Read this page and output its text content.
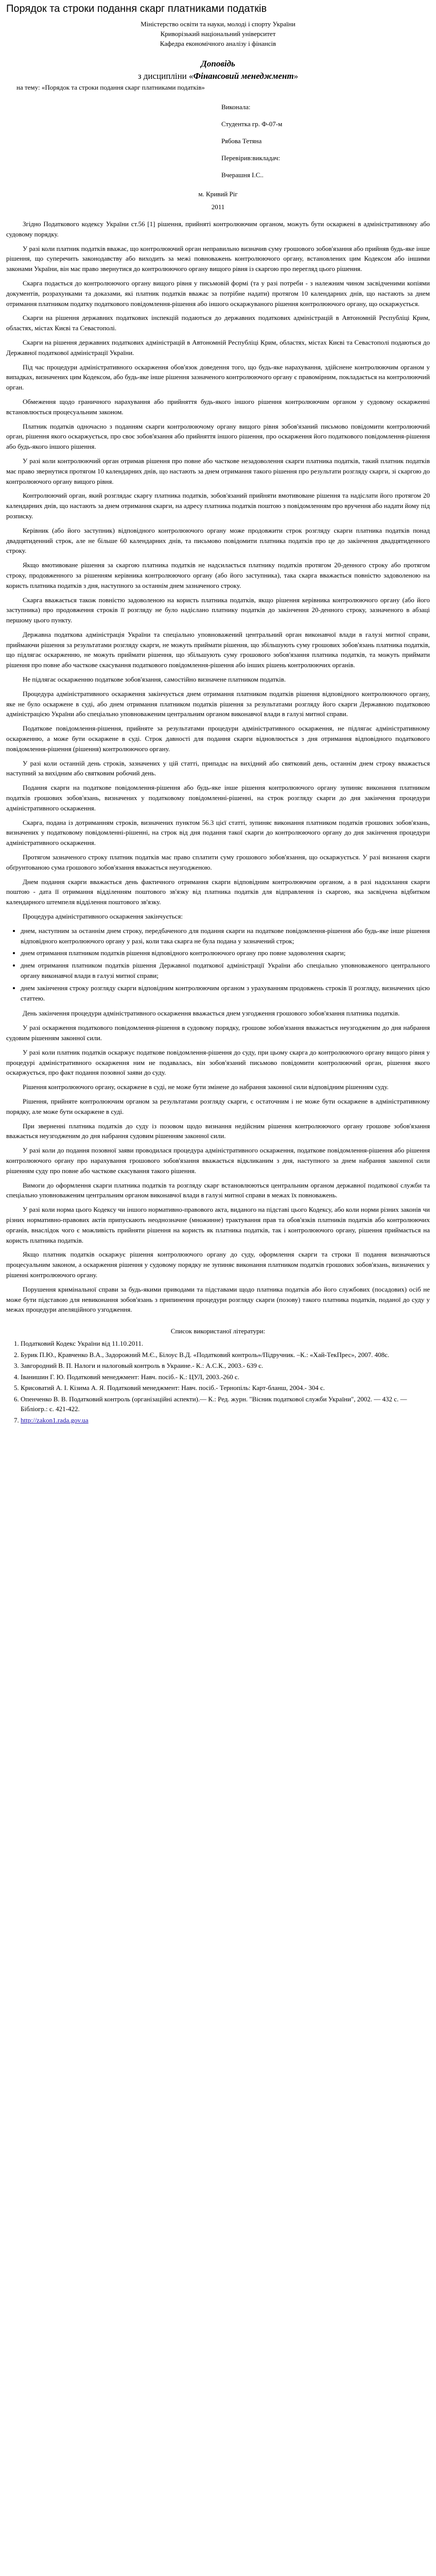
Порядок та строки подання скарг платниками податків

Міністерство освіти та науки, молоді і спорту України

Криворізький національний університет

Кафедра економічного аналізу і фінансів

Доповідь
з дисципліни «Фінансовий менеджмент»
на тему: «Порядок та строки подання скарг платниками податків»

Виконала:

Студентка гр. Ф-07-м

Рябова Тетяна

Перевірив:викладач:

Вчерашня І.С..

м. Кривий Ріг

2011

Згідно Податкового кодексу України ст.56 [1] рішення, прийняті контролюючим органом, можуть бути оскаржені в адміністративному або судовому порядку.

У разі коли платник податків вважає, що контролюючий орган неправильно визначив суму грошового зобов'язання або прийняв будь-яке інше рішення, що суперечить законодавству або виходить за межі повноважень контролюючого органу, встановлених цим Кодексом або іншими законами України, він має право звернутися до контролюючого органу вищого рівня із скаргою про перегляд цього рішення.

Скарга подається до контролюючого органу вищого рівня у письмовій формі (та у разі потреби - з належним чином засвідченими копіями документів, розрахунками та доказами, які платник податків вважає за потрібне надати) протягом 10 календарних днів, що настають за днем отримання платником податку податкового повідомлення-рішення або іншого оскаржуваного рішення контролюючого органу, що оскаржується.

Скарги на рішення державних податкових інспекцій подаються до державних податкових адміністрацій в Автономній Республіці Крим, областях, містах Києві та Севастополі.

Скарги на рішення державних податкових адміністрацій в Автономній Республіці Крим, областях, містах Києві та Севастополі подаються до Державної податкової адміністрації України.

Під час процедури адміністративного оскарження обов'язок доведення того, що будь-яке нарахування, здійснене контролюючим органом у випадках, визначених цим Кодексом, або будь-яке інше рішення зазначеного контролюючого органу є правомірним, покладається на контролюючий орган.

Обмеження щодо граничного нарахування або прийняття будь-якого іншого рішення контролюючим органом у судовому оскарженні встановлюється процесуальним законом.

Платник податків одночасно з поданням скарги контролюючому органу вищого рівня зобов'язаний письмово повідомити контролюючий орган, рішення якого оскаржується, про своє зобов'язання або прийняття іншого рішення, про оскарження його податкового повідомлення-рішення або будь-якого іншого рішення.

У разі коли контролюючий орган отримав рішення про повне або часткове незадоволення скарги платника податків, такий платник податків має право звернутися протягом 10 календарних днів, що настають за днем отримання такого рішення про результати розгляду скарги, зі скаргою до контролюючого органу вищого рівня.

Контролюючий орган, який розглядає скаргу платника податків, зобов'язаний прийняти вмотивоване рішення та надіслати його протягом 20 календарних днів, що настають за днем отримання скарги, на адресу платника податків поштою з повідомленням про вручення або надати йому під розписку.

Керівник (або його заступник) відповідного контролюючого органу може продовжити строк розгляду скарги платника податків понад двадцятиденний строк, але не більше 60 календарних днів, та письмово повідомити платника податків про це до закінчення двадцятиденного строку.

Якщо вмотивоване рішення за скаргою платника податків не надсилається платнику податків протягом 20-денного строку або протягом строку, продовженного за рішенням керівника контролюючого органу (або його заступника), така скарга вважається повністю задоволеною на користь платника податків з дня, наступного за останнім днем зазначеного строку.

Скарга вважається також повністю задоволеною на користь платника податків, якщо рішення керівника контролюючого органу (або його заступника) про продовження строків її розгляду не було надіслано платнику податків до закінчення 20-денного строку, зазначеного в абзаці першому цього пункту.

Державна податкова адміністрація України та спеціально уповноважений центральний орган виконавчої влади в галузі митної справи, приймаючи рішення за результатами розгляду скарги, не можуть приймати рішення, що збільшують суму грошових зобов'язань платника податків, що підлягає оскарженню, не можуть приймати рішення, що збільшують суму грошового зобов'язання платника податків, та можуть приймати рішення про повне або часткове скасування податкового повідомлення-рішення або інших рішень контролюючих органів.

Не підлягає оскарженню податкове зобов'язання, самостійно визначене платником податків.

Процедура адміністративного оскарження закінчується днем отримання платником податків рішення відповідного контролюючого органу, яке не було оскаржене в суді, або днем отримання платником податків рішення за результатами розгляду його скарги Державною податковою адміністрацією України або спеціально уповноваженим центральним органом виконавчої влади в галузі митної справи.

Податкове повідомлення-рішення, прийняте за результатами процедури адміністративного оскарження, не підлягає адміністративному оскарженню, а може бути оскаржене в суді. Строк давності для подання скарги відновлюється з дня отримання відповідного податкового повідомлення-рішення (рішення) контролюючого органу.

У разі коли останній день строків, зазначених у цій статті, припадає на вихідний або святковий день, останнім днем строку вважається наступний за вихідним або святковим робочий день.

Подання скарги на податкове повідомлення-рішення або будь-яке інше рішення контролюючого органу зупиняє виконання платником податків грошових зобов'язань, визначених у податковому повідомленні-рішенні, на строк розгляду скарги до дня закінчення процедури адміністративного оскарження.

Скарга, подана із дотриманням строків, визначених пунктом 56.3 цієї статті, зупиняє виконання платником податків грошових зобов'язань, визначених у податковому повідомленні-рішенні, на строк від дня подання такої скарги до контролюючого органу до дня закінчення процедури адміністративного оскарження.

Протягом зазначеного строку платник податків має право сплатити суму грошового зобов'язання, що оскаржується. У разі визнання скарги обґрунтованою сума грошового зобов'язання вважається неузгодженою.

Днем подання скарги вважається день фактичного отримання скарги відповідним контролюючим органом, а в разі надсилання скарги поштою - дата її отримання відділенням поштового зв'язку від платника податків для відправлення із скаргою, яка засвідчена відбитком календарного штемпеля відділення поштового зв'язку.

Процедура адміністративного оскарження закінчується:

• днем, наступним за останнім днем строку, передбаченого для подання скарги на податкове повідомлення-рішення або будь-яке інше рішення відповідного контролюючого органу у разі, коли така скарга не була подана у зазначений строк;
• днем отримання платником податків рішення відповідного контролюючого органу про повне задоволення скарги;
• днем отримання платником податків рішення Державної податкової адміністрації України або спеціально уповноваженого центрального органу виконавчої влади в галузі митної справи;
• днем закінчення строку розгляду скарги відповідним контролюючим органом з урахуванням продовжень строків її розгляду, визначених цією статтею.

День закінчення процедури адміністративного оскарження вважається днем узгодження грошового зобов'язання платника податків.

У разі оскарження податкового повідомлення-рішення в судовому порядку, грошове зобов'язання вважається неузгодженим до дня набрання судовим рішенням законної сили.

У разі коли платник податків оскаржує податкове повідомлення-рішення до суду, при цьому скарга до контролюючого органу вищого рівня у процедурі адміністративного оскарження ним не подавалась, він зобов'язаний письмово повідомити контролюючий орган, рішення якого оскаржується, про факт подання позовної заяви до суду.

Рішення контролюючого органу, оскаржене в суді, не може бути змінене до набрання законної сили відповідним рішенням суду.

Рішення, прийняте контролюючим органом за результатами розгляду скарги, є остаточним і не може бути оскаржене в адміністративному порядку, але може бути оскаржене в суді.

При зверненні платника податків до суду із позовом щодо визнання недійсним рішення контролюючого органу грошове зобов'язання вважається неузгодженим до дня набрання судовим рішенням законної сили.

У разі коли до подання позовної заяви проводилася процедура адміністративного оскарження, податкове повідомлення-рішення або рішення контролюючого органу про нарахування грошового зобов'язання вважається відкликаним з дня, наступного за днем набрання законної сили рішенням суду про повне або часткове скасування такого рішення.

Вимоги до оформлення скарги платника податків та розгляду скарг встановлюються центральним органом державної податкової служби та спеціально уповноваженим центральним органом виконавчої влади в галузі митної справи в межах їх повноважень.

У разі коли норма цього Кодексу чи іншого нормативно-правового акта, виданого на підставі цього Кодексу, або коли норми різних законів чи різних нормативно-правових актів припускають неоднозначне (множинне) трактування прав та обов'язків платників податків або контролюючих органів, внаслідок чого є можливість прийняти рішення на користь як платника податків, так і контролюючого органу, рішення приймається на користь платника податків.

Якщо платник податків оскаржує рішення контролюючого органу до суду, оформлення скарги та строки її подання визначаються процесуальним законом, а оскарження рішення у судовому порядку не зупиняє виконання платником податків грошових зобов'язань, визначених у рішенні контролюючого органу.

Порушення кримінальної справи за будь-якими приводами та підставами щодо платника податків або його службових (посадових) осіб не може бути підставою для невиконання зобов'язань з припинення процедури розгляду скарги (позову) такого платника податків, поданої до суду у межах процедури апеляційного узгодження.

Список використаної літератури:
1. Податковий Кодекс України від 11.10.2011.
2. Бурик П.Ю., Кравченко В.А., Задорожний М.Є., Білоус В.Д. «Податковий контроль»/Підручник. –К.: «Хай-ТекПрес», 2007. 408с.
3. Завгородний В. П. Налоги и налоговый контроль в Украине.- К.: А.С.К., 2003.- 639 с.
4. Іванишин Г. Ю. Податковий менеджмент: Навч. посіб.- К.: ЦУЛ, 2003.-260 с.
5. Крисоватий А. І. Кізима А. Я. Податковий менеджмент: Навч. посіб.- Тернопіль: Карт-бланш, 2004.- 304 с.
6. Опенченко В. В. Податковий контроль (організаційні аспекти).— К.: Ред. журн. "Вісник податкової служби України", 2002. — 432 с. — Бібліогр.: с. 421-422.
7. http://zakon1.rada.gov.ua
